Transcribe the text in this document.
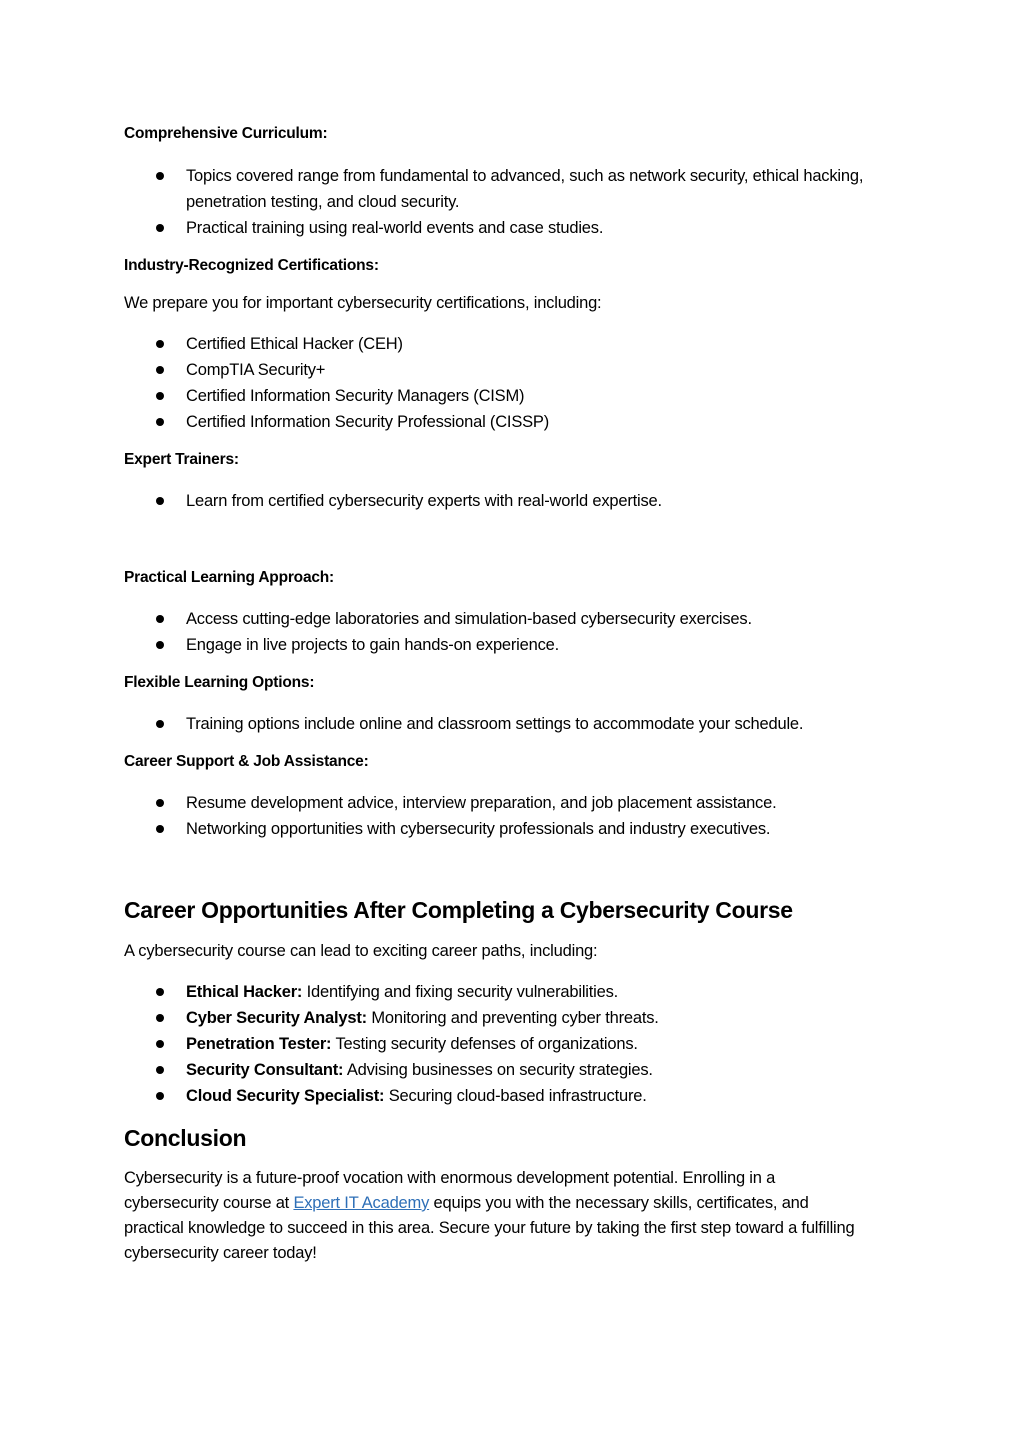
Comprehensive Curriculum:

Topics covered range from fundamental to advanced, such as network security, ethical hacking, penetration testing, and cloud security.
Practical training using real-world events and case studies.

Industry-Recognized Certifications:

We prepare you for important cybersecurity certifications, including:

Certified Ethical Hacker (CEH)
CompTIA Security+
Certified Information Security Managers (CISM)
Certified Information Security Professional (CISSP)

Expert Trainers:

Learn from certified cybersecurity experts with real-world expertise.

Practical Learning Approach:

Access cutting-edge laboratories and simulation-based cybersecurity exercises.
Engage in live projects to gain hands-on experience.

Flexible Learning Options:

Training options include online and classroom settings to accommodate your schedule.

Career Support & Job Assistance:

Resume development advice, interview preparation, and job placement assistance.
Networking opportunities with cybersecurity professionals and industry executives.
Career Opportunities After Completing a Cybersecurity Course

A cybersecurity course can lead to exciting career paths, including:

Ethical Hacker: Identifying and fixing security vulnerabilities.
Cyber Security Analyst: Monitoring and preventing cyber threats.
Penetration Tester: Testing security defenses of organizations.
Security Consultant: Advising businesses on security strategies.
Cloud Security Specialist: Securing cloud-based infrastructure.
Conclusion

Cybersecurity is a future-proof vocation with enormous development potential. Enrolling in a cybersecurity course at Expert IT Academy equips you with the necessary skills, certificates, and practical knowledge to succeed in this area. Secure your future by taking the first step toward a fulfilling cybersecurity career today!
